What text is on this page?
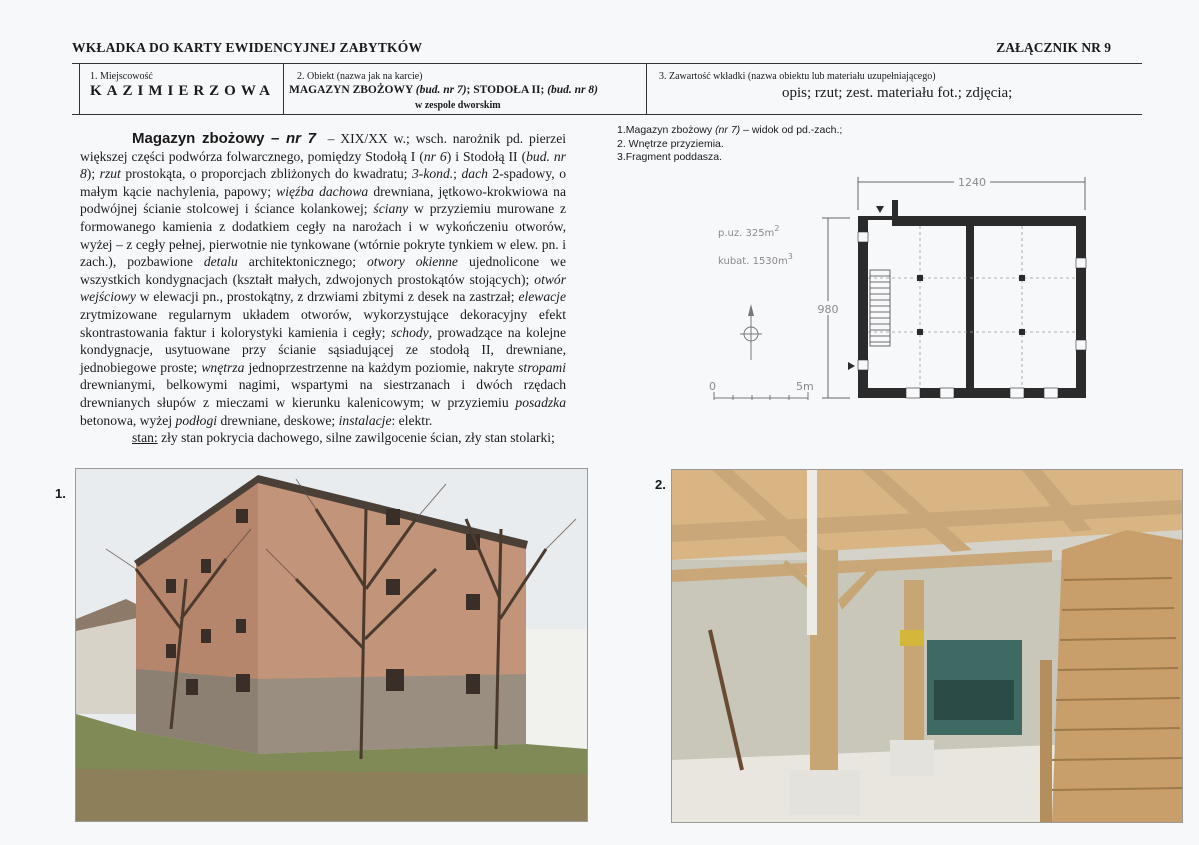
WKŁADKA DO KARTY EWIDENCYJNEJ ZABYTKÓW	ZAŁĄCZNIK NR 9
1. Miejscowość
KAZIMIERZOWA
2. Obiekt (nazwa jak na karcie)
MAGAZYN ZBOŻOWY (bud. nr 7); STODOŁA II; (bud. nr 8)
w zespole dworskim
3. Zawartość wkładki (nazwa obiektu lub materiału uzupełniającego)
opis; rzut; zest. materiału fot.; zdjęcia;
Magazyn zbożowy – nr 7 – XIX/XX w.; wsch. narożnik pd. pierzei większej części podwórza folwarcznego, pomiędzy Stodołą I (nr 6) i Stodołą II (bud. nr 8); rzut prostokąta, o proporcjach zbliżonych do kwadratu; 3-kond.; dach 2-spadowy, o małym kącie nachylenia, papowy; więźba dachowa drewniana, jętkowo-krokwiowa na podwójnej ścianie stolcowej i ściance kolankowej; ściany w przyziemiu murowane z formowanego kamienia z dodatkiem cegły na narożach i w wykończeniu otworów, wyżej – z cegły pełnej, pierwotnie nie tynkowane (wtórnie pokryte tynkiem w elew. pn. i zach.), pozbawione detalu architektonicznego; otwory okienne ujednolicone we wszystkich kondygnacjach (kształt małych, zdwojonych prostokątów stojących); otwór wejściowy w elewacji pn., prostokątny, z drzwiami zbitymi z desek na zastrzał; elewacje zrytmizowane regularnym układem otworów, wykorzystujące dekoracyjny efekt skontrastowania faktur i kolorystyki kamienia i cegły; schody, prowadzące na kolejne kondygnacje, usytuowane przy ścianie sąsiadującej ze stodołą II, drewniane, jednobiegowe proste; wnętrza jednoprzestrzenne na każdym poziomie, nakryte stropami drewnianymi, belkowymi nagimi, wspartymi na siestrzanach i dwóch rzędach drewnianych słupów z mieczami w kierunku kalenicowym; w przyziemiu posadzka betonowa, wyżej podłogi drewniane, deskowe; instalacje: elektr.
stan: zły stan pokrycia dachowego, silne zawilgocenie ścian, zły stan stolarki;
1.Magazyn zbożowy (nr 7) – widok od pd.-zach.;
2. Wnętrze przyziemia.
3.Fragment poddasza.
1240
980
p.uz. $325m^2$
kubat. $1530m^3$
0	5m
1.
2.
